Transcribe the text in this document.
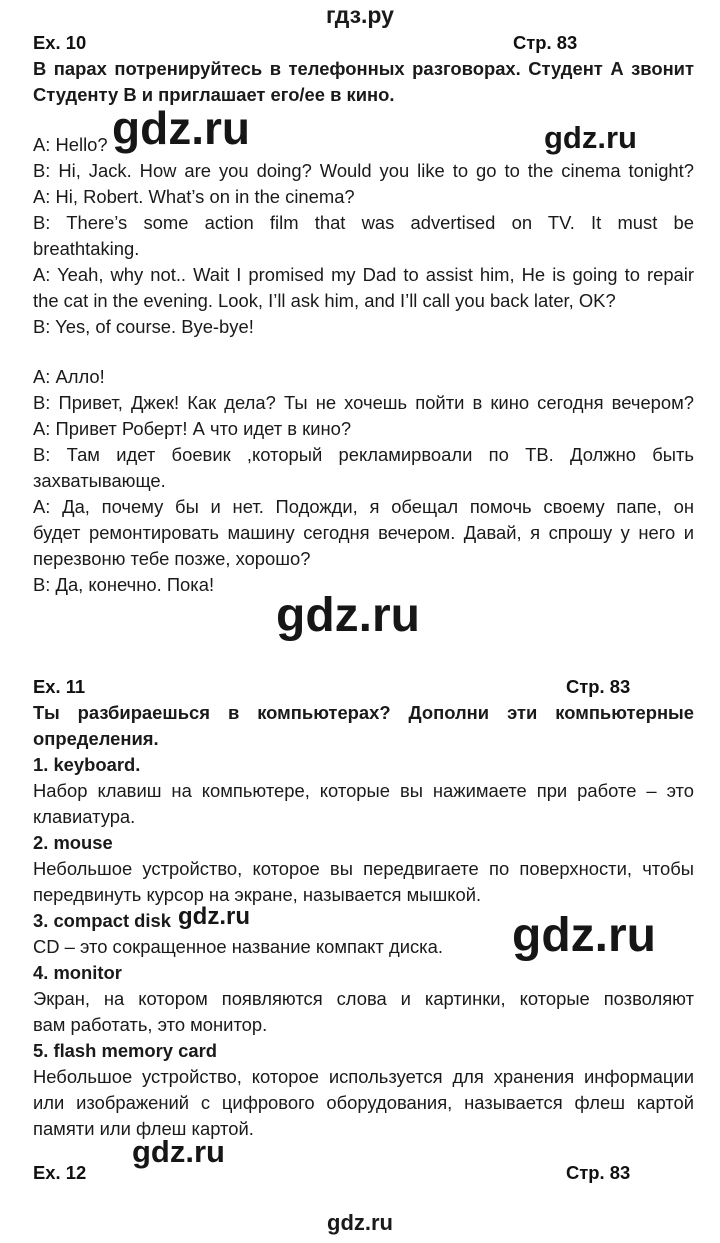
гдз.ру
Ex. 10	Стр. 83
В парах потренируйтесь в телефонных разговорах. Студент А звонит
Студенту В и приглашает его/ее в кино.
A: Hello?
B: Hi, Jack. How are you doing? Would you like to go to the cinema tonight?
A: Hi, Robert. What’s on in the cinema?
B: There’s some action film that was advertised on TV. It must be
breathtaking.
A: Yeah, why not.. Wait I promised my Dad to assist him, He is going to repair
the cat in the evening. Look, I’ll ask him, and I’ll call you back later, OK?
B: Yes, of course. Bye-bye!
А: Алло!
В: Привет, Джек! Как дела? Ты не хочешь пойти в кино сегодня вечером?
А: Привет Роберт! А что идет в кино?
В: Там идет боевик ,который рекламирвоали по ТВ. Должно быть
захватывающе.
А: Да, почему бы и нет. Подожди, я обещал помочь своему папе, он
будет ремонтировать машину сегодня вечером. Давай, я спрошу у него и
перезвоню тебе позже, хорошо?
В: Да, конечно. Пока!
Ex. 11	Стр. 83
Ты разбираешься в компьютерах? Дополни эти компьютерные
определения.
1. keyboard.
Набор клавиш на компьютере, которые вы нажимаете при работе – это
клавиатура.
2. mouse
Небольшое устройство, которое вы передвигаете по поверхности, чтобы
передвинуть курсор на экране, называется мышкой.
3. compact disk
CD – это сокращенное название компакт диска.
4. monitor
Экран, на котором появляются слова и картинки, которые позволяют
вам работать, это монитор.
5. flash memory card
Небольшое устройство, которое используется для хранения информации
или изображений с цифрового оборудования, называется флеш картой
памяти или флеш картой.
Ex. 12	Стр. 83
gdz.ru	gdz.ru
gdz.ru
gdz.ru	gdz.ru
gdz.ru
gdz.ru
